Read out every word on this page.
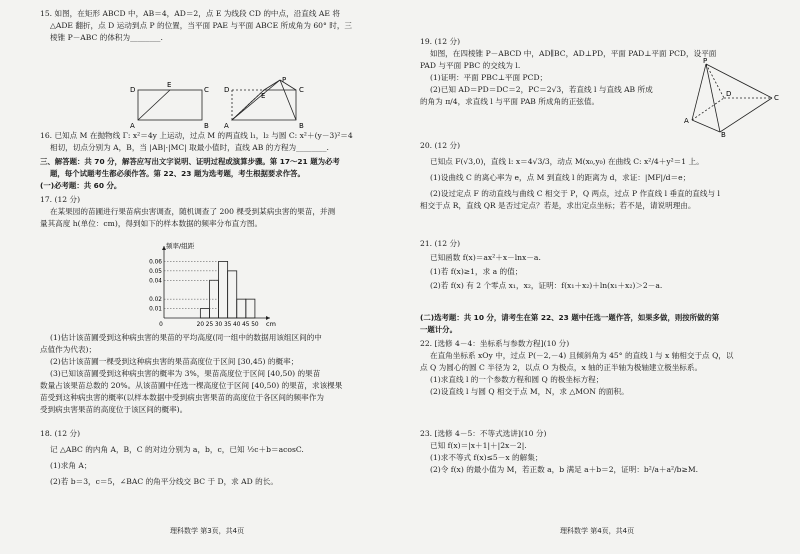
15. 如图，在矩形 ABCD 中，AB＝4，AD＝2，点 E 为线段 CD 的中点，沿直线 AE 将
△ADE 翻折，点 D 运动到点 P 的位置，当平面 PAE 与平面 ABCE 所成角为 60° 时，三
棱锥 P－ABC 的体积为________.
D
E
C
A	B
P
D
E
C
A	B
16. 已知点 M 在抛物线 Γ: x²＝4y 上运动，过点 M 的两直线 l₁，l₂ 与圆 C: x²＋(y－3)²＝4
相切，切点分别为 A，B，当 |AB|·|MC| 取最小值时，直线 AB 的方程为________.
三、解答题：共 70 分，解答应写出文字说明、证明过程或演算步骤。第 17～21 题为必考
题，每个试题考生都必须作答。第 22、23 题为选考题，考生根据要求作答。
(一)必考题：共 60 分。
17. (12 分)
在某果园的苗圃进行果苗病虫害调查，随机调查了 200 棵受到某病虫害的果苗，并测
量其高度 h(单位：cm)，得到如下的样本数据的频率分布直方图。
频率/组距
0.01
0.02
0.04
0.05
0.06
0	20 25 30 35 40 45 50 cm
(1)估计该苗圃受到这种病虫害的果苗的平均高度(同一组中的数据用该组区间的中
点值作为代表)；
(2)估计该苗圃一棵受到这种病虫害的果苗高度位于区间 [30,45) 的概率；
(3)已知该苗圃受到这种病虫害的概率为 3%，果苗高度位于区间 [40,50) 的果苗
数量占该果苗总数的 20%。从该苗圃中任选一棵高度位于区间 [40,50) 的果苗，求该棵果
苗受到这种病虫害的概率(以样本数据中受到病虫害果苗的高度位于各区间的频率作为
受到病虫害果苗的高度位于该区间的概率)。
18. (12 分)
记 △ABC 的内角 A，B，C 的对边分别为 a，b，c，已知 ½c＋b＝acosC.
(1)求角 A；
(2)若 b＝3，c＝5，∠BAC 的角平分线交 BC 于 D，求 AD 的长。
理科数学 第3页，共4页
19. (12 分)
如图，在四棱锥 P－ABCD 中，AD∥BC，AD⊥PD，平面 PAD⊥平面 PCD，设平面
PAD 与平面 PBC 的交线为 l.
(1)证明：平面 PBC⊥平面 PCD；
(2)已知 AD＝PD＝DC＝2，PC＝2√3，若直线 l 与直线 AB 所成
的角为 π/4，求直线 l 与平面 PAB 所成角的正弦值。
P
D	C
A
B
20. (12 分)
已知点 F(√3,0)，直线 l: x＝4√3/3，动点 M(x₀,y₀) 在曲线 C: x²/4＋y²＝1 上。
(1)设曲线 C 的离心率为 e，点 M 到直线 l 的距离为 d，求证：|MF|/d＝e；
(2)设过定点 F 的动直线与曲线 C 相交于 P，Q 两点，过点 P 作直线 l 垂直的直线与 l
相交于点 R，直线 QR 是否过定点？若是，求出定点坐标；若不是，请说明理由。
21. (12 分)
已知函数 f(x)＝ax²＋x－lnx－a.
(1)若 f(x)≥1，求 a 的值；
(2)若 f(x) 有 2 个零点 x₁，x₂，证明：f(x₁＋x₂)＋ln(x₁＋x₂)＞2－a.
(二)选考题：共 10 分，请考生在第 22、23 题中任选一题作答，如果多做，则按所做的第
一题计分。
22. [选修 4－4：坐标系与参数方程](10 分)
在直角坐标系 xOy 中，过点 P(－2,－4) 且倾斜角为 45° 的直线 l 与 x 轴相交于点 Q，以
点 Q 为圆心的圆 C 半径为 2，以点 O 为极点，x 轴的正半轴为极轴建立极坐标系。
(1)求直线 l 的一个参数方程和圆 Q 的极坐标方程；
(2)设直线 l 与圆 Q 相交于点 M，N，求 △MON 的面积。
23. [选修 4－5：不等式选讲](10 分)
已知 f(x)＝|x＋1|＋|2x－2|.
(1)求不等式 f(x)≤5－x 的解集；
(2)令 f(x) 的最小值为 M，若正数 a，b 满足 a＋b＝2，证明：b²/a＋a²/b≥M.
理科数学 第4页，共4页
